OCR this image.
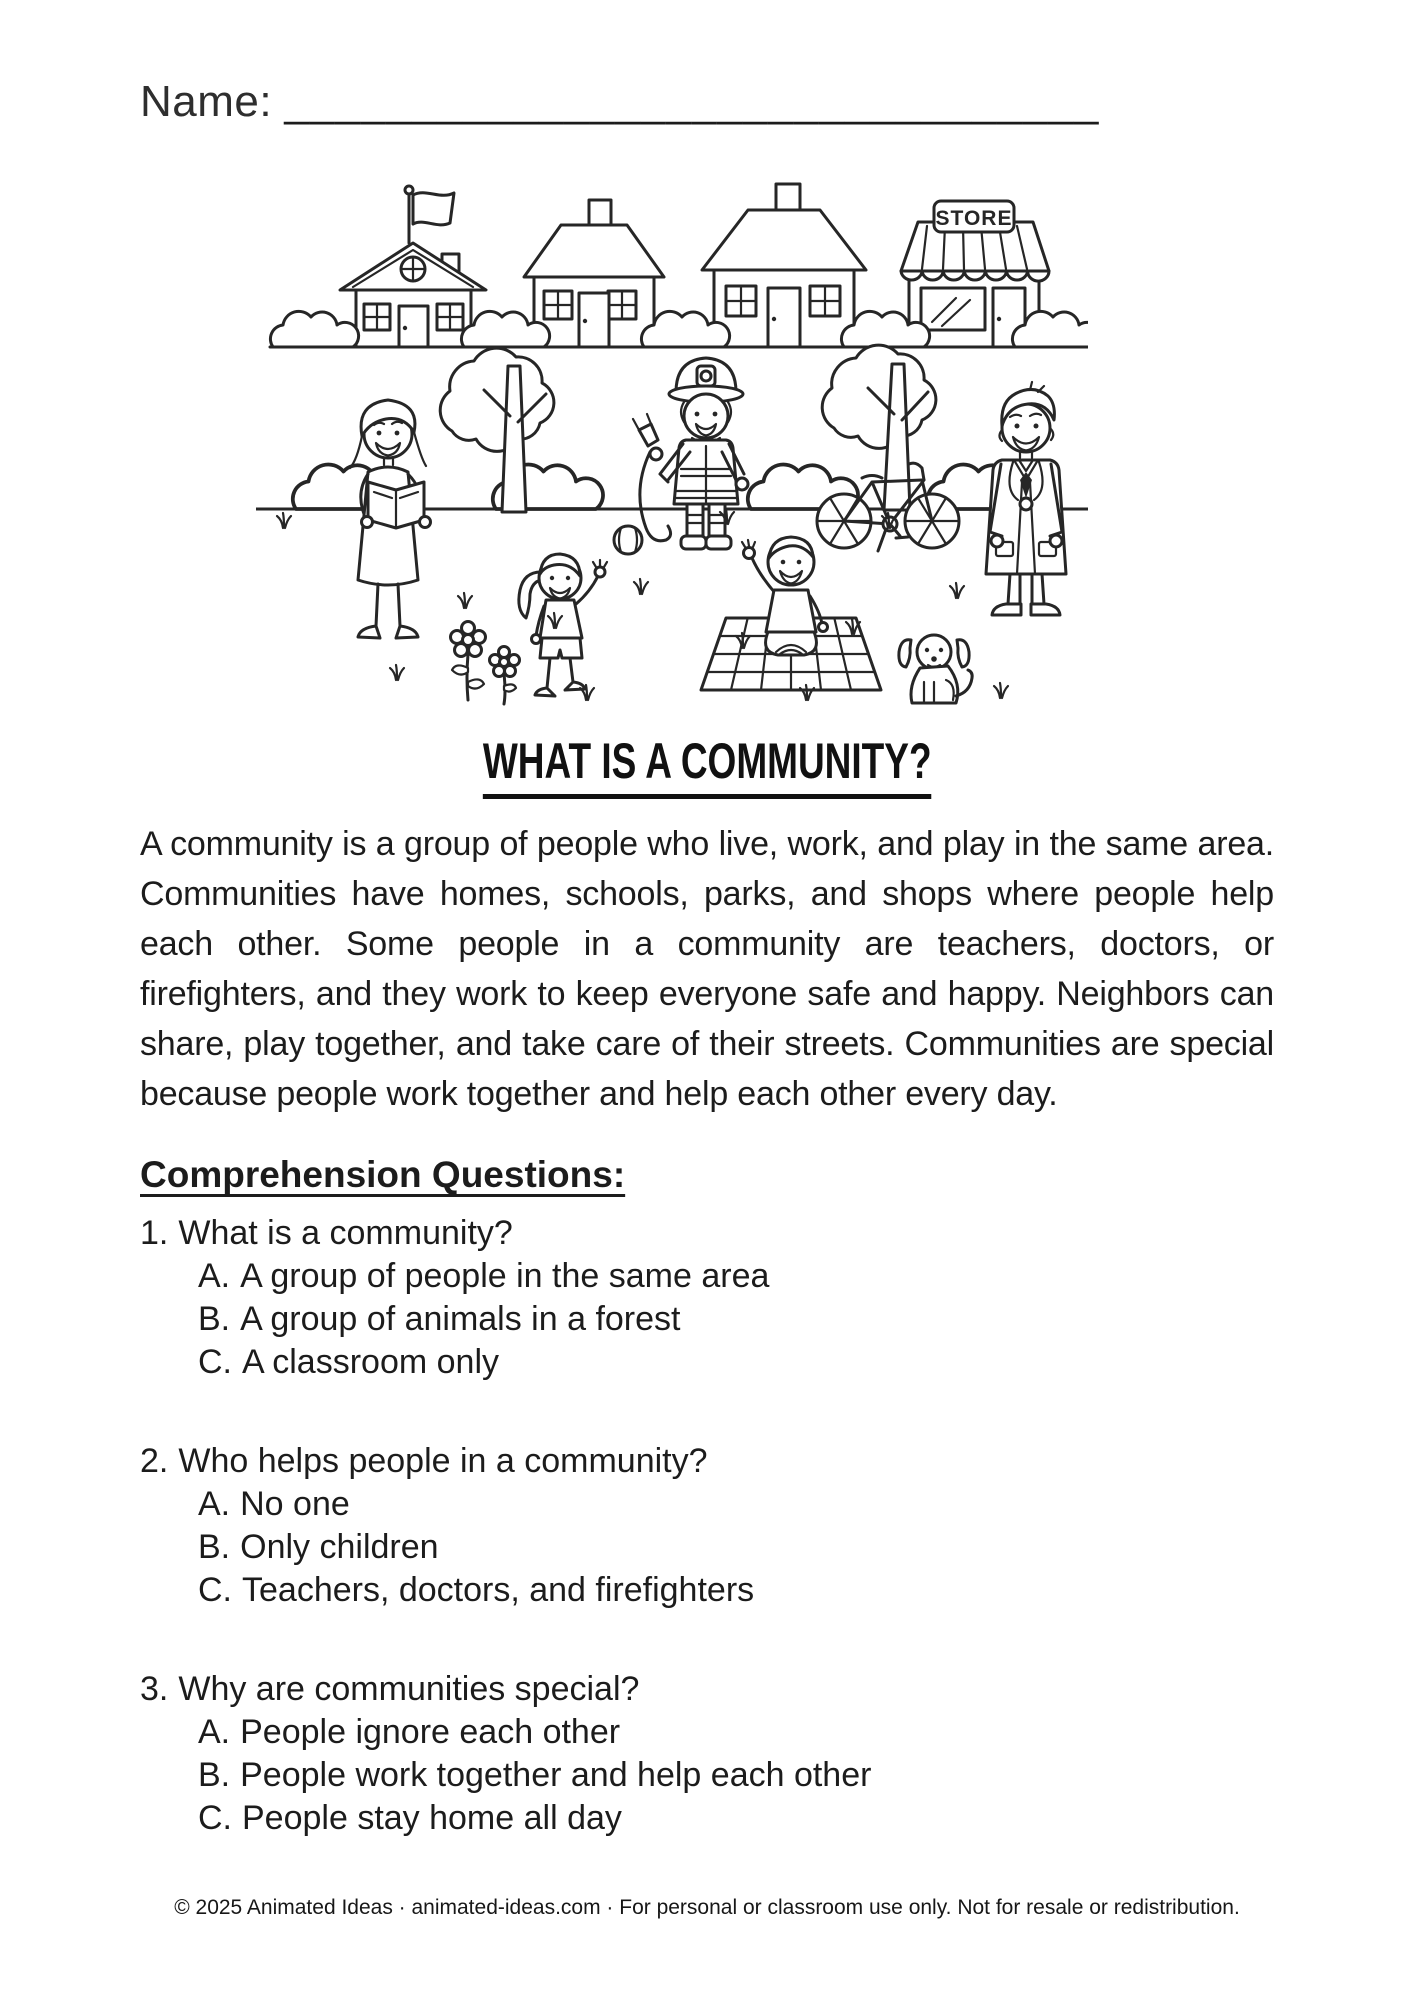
Name: ________________________________
STORE
WHAT IS A COMMUNITY?

A community is a group of people who live, work, and play in the same area. Communities have homes, schools, parks, and shops where people help each other. Some people in a community are teachers, doctors, or firefighters, and they work to keep everyone safe and happy. Neighbors can share, play together, and take care of their streets. Communities are special because people work together and help each other every day.

Comprehension Questions:
1. What is a community?
A. A group of people in the same area
B. A group of animals in a forest
C. A classroom only
2. Who helps people in a community?
A. No one
B. Only children
C. Teachers, doctors, and firefighters
3. Why are communities special?
A. People ignore each other
B. People work together and help each other
C. People stay home all day
© 2025 Animated Ideas · animated-ideas.com · For personal or classroom use only. Not for resale or redistribution.
